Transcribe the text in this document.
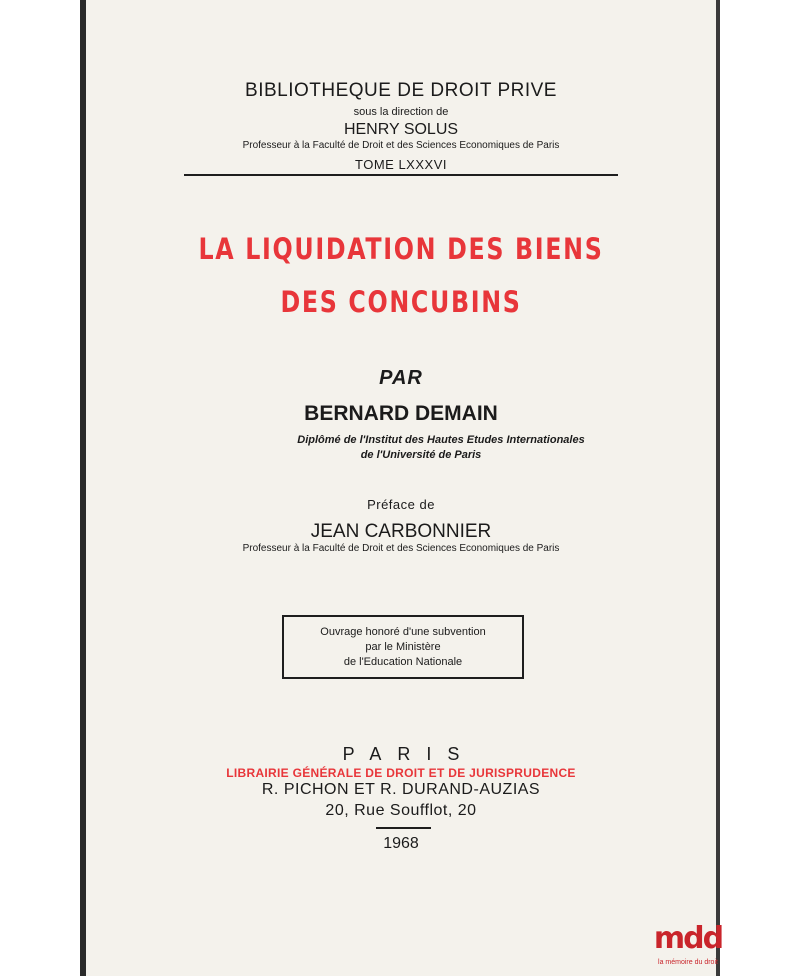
BIBLIOTHEQUE DE DROIT PRIVE
sous la direction de
HENRY SOLUS
Professeur à la Faculté de Droit et des Sciences Economiques de Paris
TOME LXXXVI
LA LIQUIDATION DES BIENS
DES CONCUBINS
PAR
BERNARD DEMAIN
Diplômé de l'Institut des Hautes Etudes Internationales
de l'Université de Paris
Préface de
JEAN CARBONNIER
Professeur à la Faculté de Droit et des Sciences Economiques de Paris
Ouvrage honoré d'une subvention
par le Ministère
de l'Education Nationale
PARIS
LIBRAIRIE GÉNÉRALE DE DROIT ET DE JURISPRUDENCE
R. PICHON ET R. DURAND-AUZIAS
20, Rue Soufflot, 20
1968
mdd
la mémoire du droit
